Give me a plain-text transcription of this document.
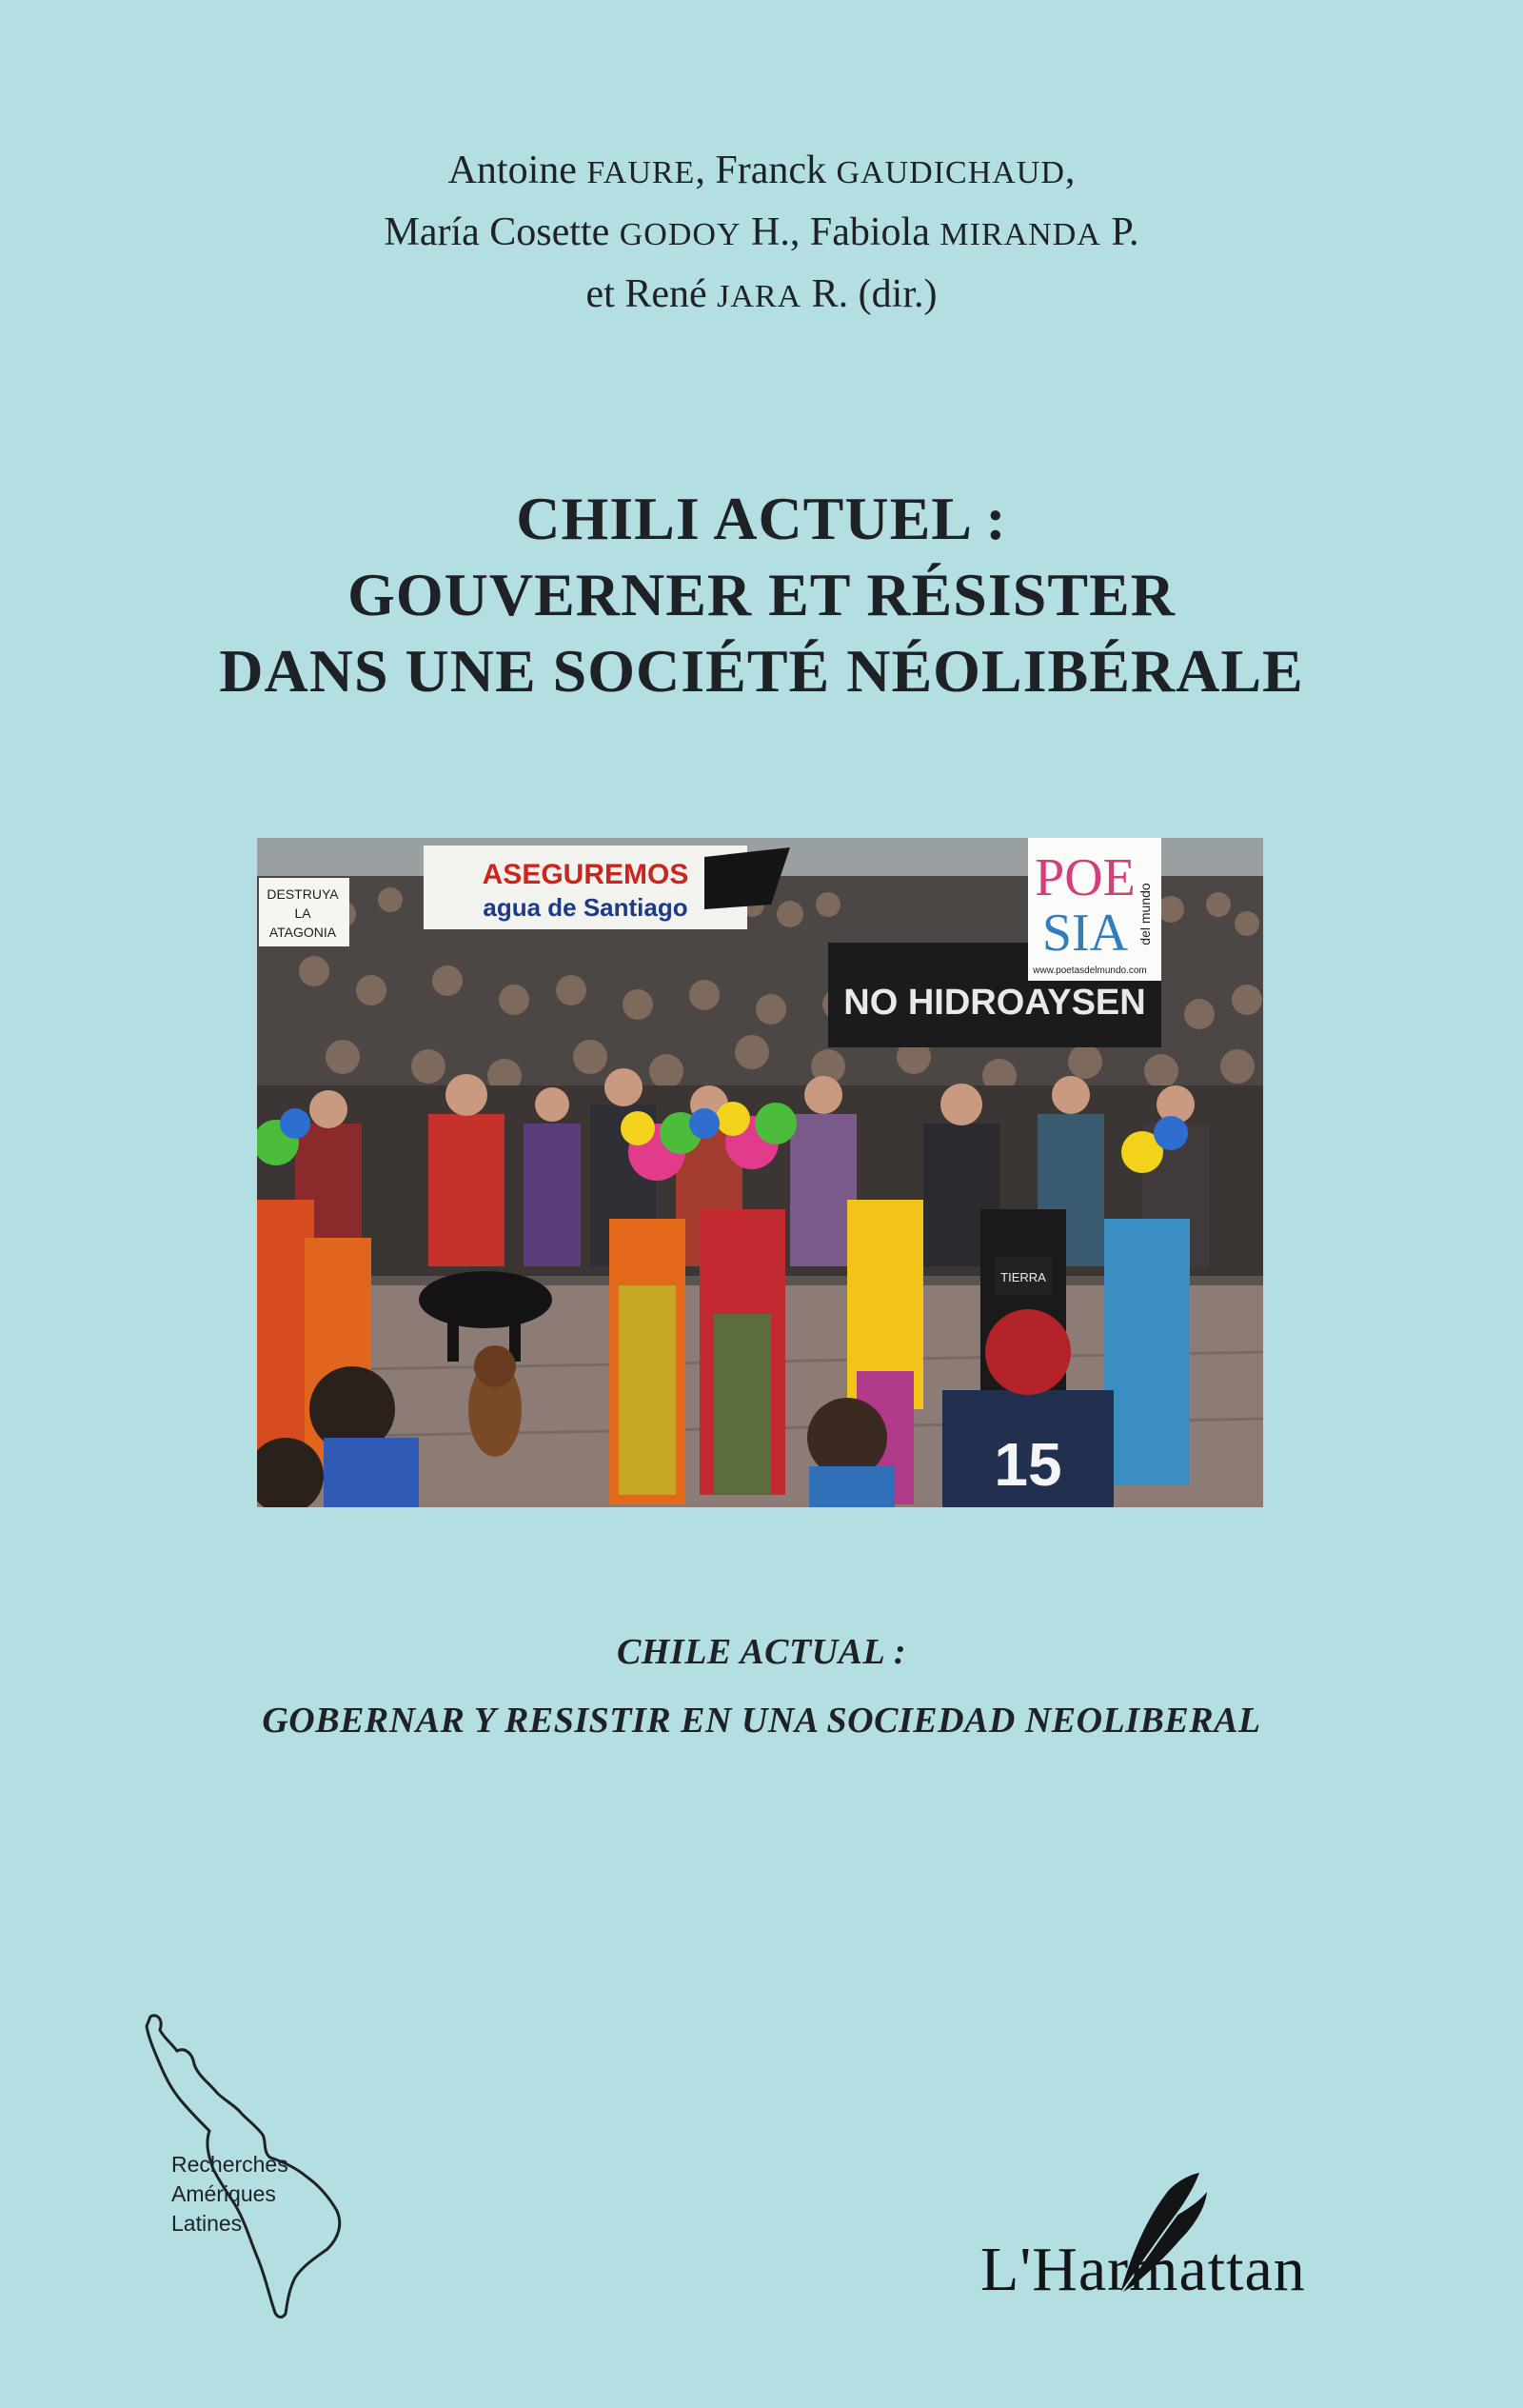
Antoine FAURE, Franck GAUDICHAUD,
María Cosette GODOY H., Fabiola MIRANDA P.
et René JARA R. (dir.)
CHILI ACTUEL :
GOUVERNER ET RÉSISTER
DANS UNE SOCIÉTÉ NÉOLIBÉRALE
ASEGUREMOS
agua de Santiago
DESTRUYA
LA
ATAGONIA
NO HIDROAYSEN
POE
SIA del mundo
www.poetasdelmundo.com
15
TIERRA
CHILE ACTUAL :
GOBERNAR Y RESISTIR EN UNA SOCIEDAD NEOLIBERAL
Recherches
Amériques
Latines
L'Harmattan
